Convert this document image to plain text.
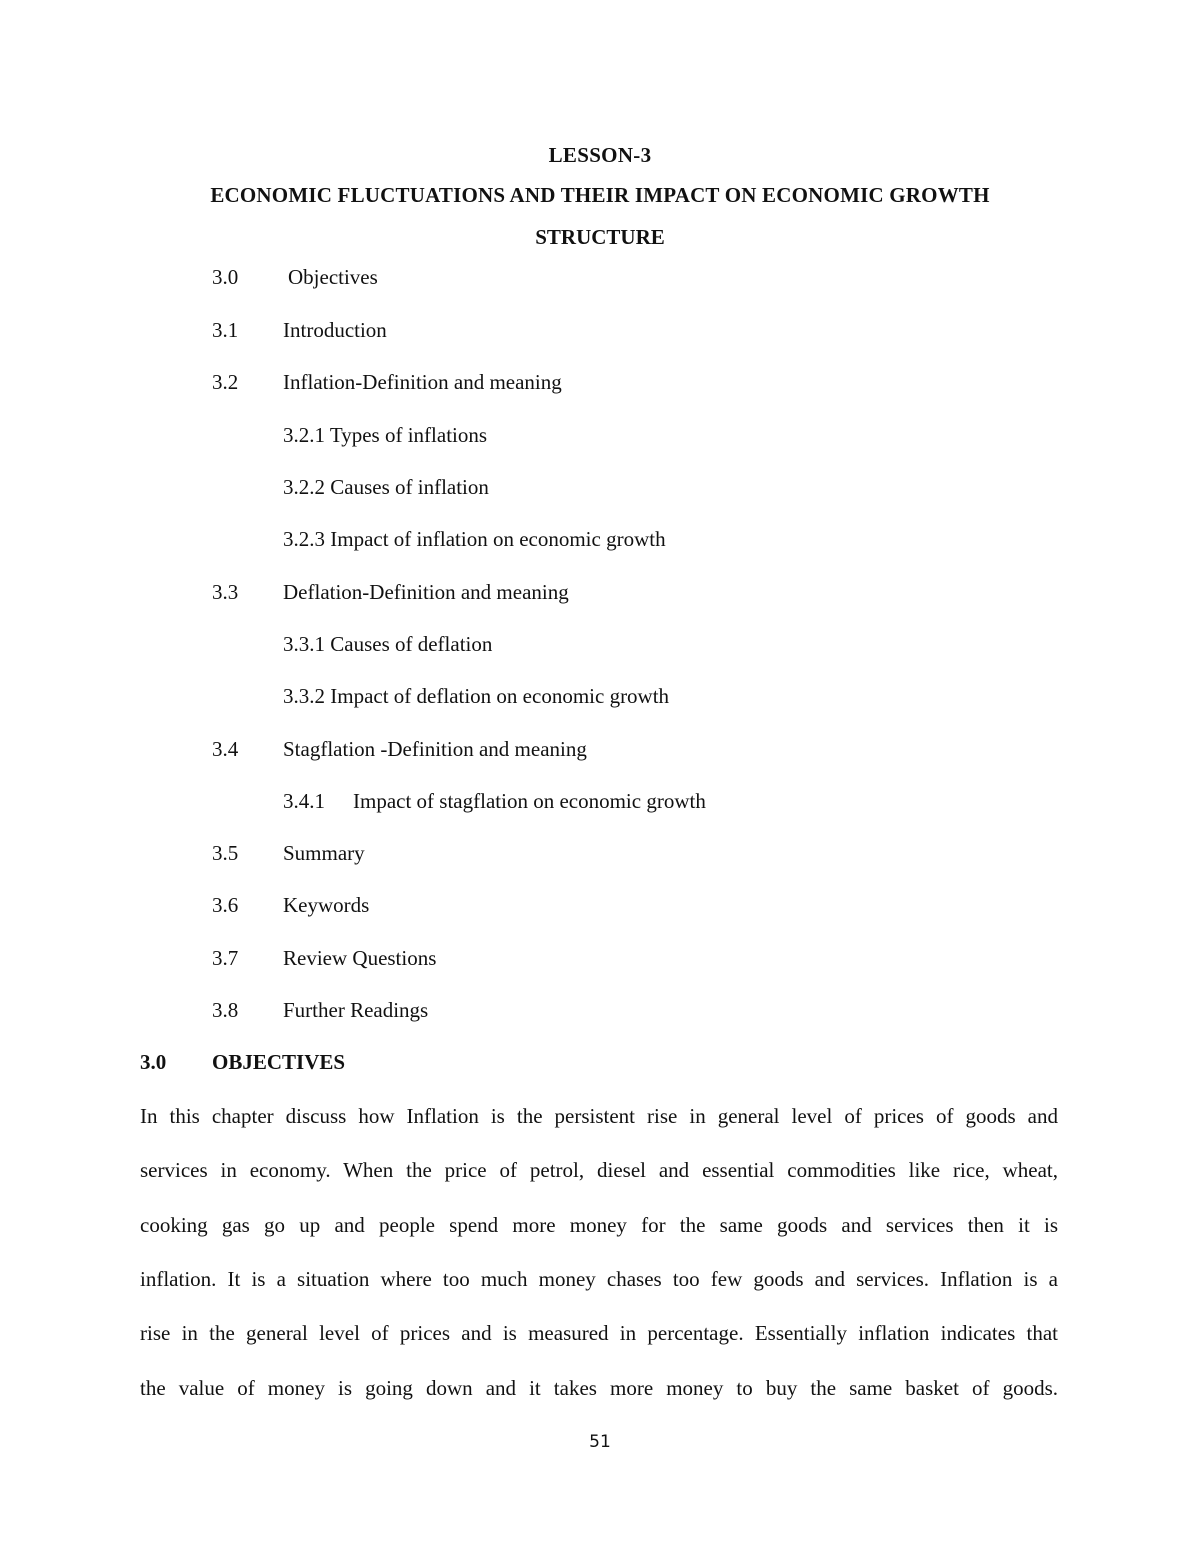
LESSON-3
ECONOMIC FLUCTUATIONS AND THEIR IMPACT ON ECONOMIC GROWTH
STRUCTURE
3.0 Objectives
3.1 Introduction
3.2 Inflation-Definition and meaning
3.2.1 Types of inflations
3.2.2 Causes of inflation
3.2.3 Impact of inflation on economic growth
3.3 Deflation-Definition and meaning
3.3.1 Causes of deflation
3.3.2 Impact of deflation on economic growth
3.4 Stagflation -Definition and meaning
3.4.1 Impact of stagflation on economic growth
3.5 Summary
3.6 Keywords
3.7 Review Questions
3.8 Further Readings
3.0 OBJECTIVES
In this chapter discuss how Inflation is the persistent rise in general level of prices of goods and
services in economy. When the price of petrol, diesel and essential commodities like rice, wheat,
cooking gas go up and people spend more money for the same goods and services then it is
inflation. It is a situation where too much money chases too few goods and services. Inflation is a
rise in the general level of prices and is measured in percentage. Essentially inflation indicates that
the value of money is going down and it takes more money to buy the same basket of goods.
51
